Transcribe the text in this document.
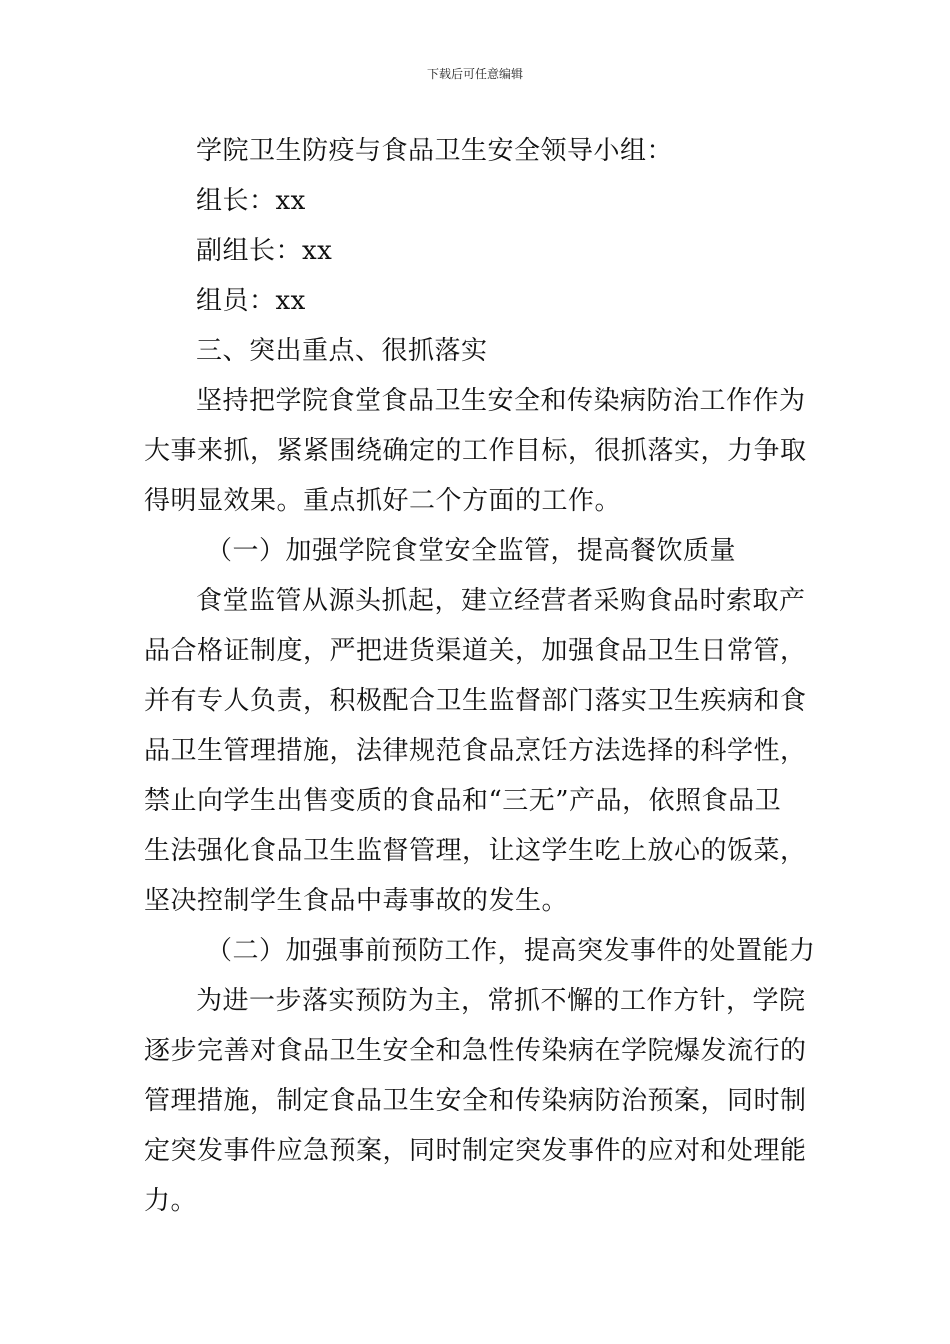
下载后可任意编辑
学院卫生防疫与食品卫生安全领导小组：
组长：xx
副组长：xx
组员：xx
三、突出重点、很抓落实
坚持把学院食堂食品卫生安全和传染病防治工作作为
大事来抓，紧紧围绕确定的工作目标，很抓落实，力争取
得明显效果。重点抓好二个方面的工作。
（一）加强学院食堂安全监管，提高餐饮质量
食堂监管从源头抓起，建立经营者采购食品时索取产
品合格证制度，严把进货渠道关，加强食品卫生日常管，
并有专人负责，积极配合卫生监督部门落实卫生疾病和食
品卫生管理措施，法律规范食品烹饪方法选择的科学性，
禁止向学生出售变质的食品和“三无”产品，依照食品卫
生法强化食品卫生监督管理，让这学生吃上放心的饭菜，
坚决控制学生食品中毒事故的发生。
（二）加强事前预防工作，提高突发事件的处置能力
为进一步落实预防为主，常抓不懈的工作方针，学院
逐步完善对食品卫生安全和急性传染病在学院爆发流行的
管理措施，制定食品卫生安全和传染病防治预案，同时制
定突发事件应急预案，同时制定突发事件的应对和处理能
力。
